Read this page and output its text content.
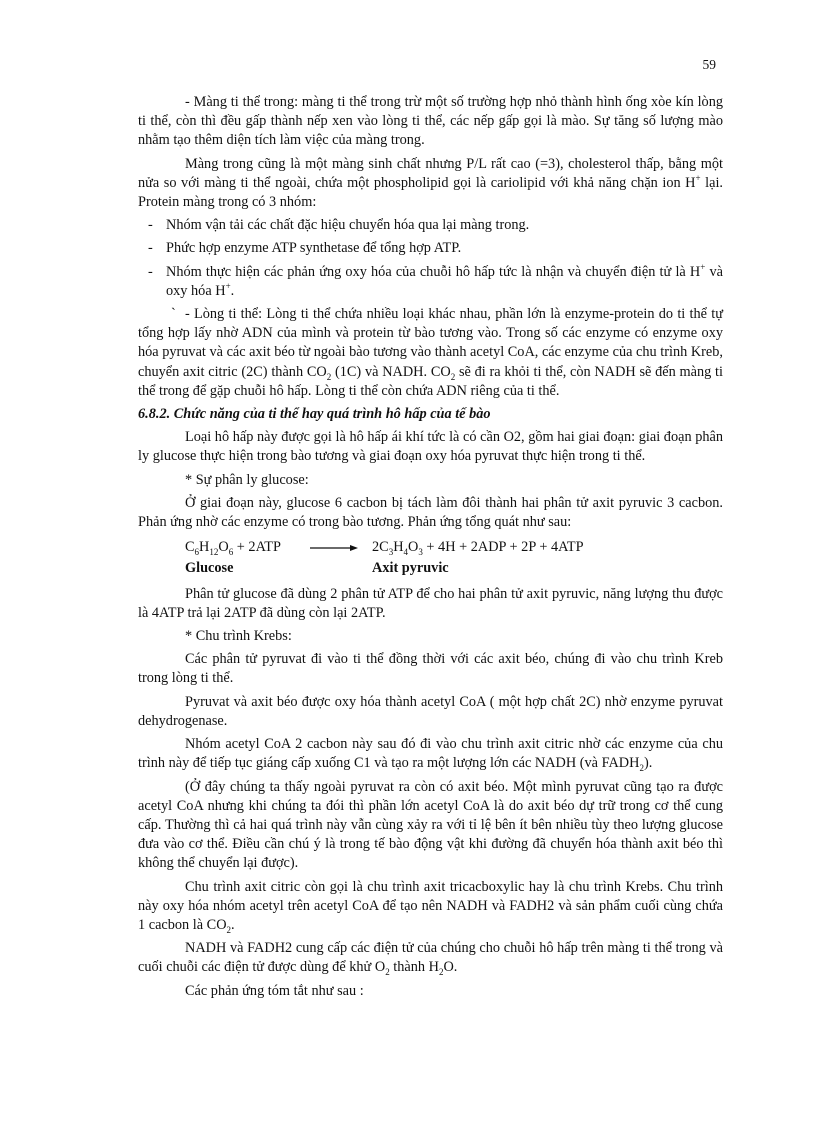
59
- Màng ti thể trong: màng ti thể trong trừ một số trường hợp nhỏ thành hình ống xòe kín lòng ti thể, còn thì đều gấp thành nếp xen vào lòng ti thể, các nếp gấp gọi là mào. Sự tăng số lượng mào nhằm tạo thêm diện tích làm việc của màng trong.
Màng trong cũng là một màng sinh chất nhưng P/L rất cao (=3), cholesterol thấp, bằng một nửa so với màng ti thể ngoài, chứa một phospholipid gọi là cariolipid với khả năng chặn ion H+ lại. Protein màng trong có 3 nhóm:
- Nhóm vận tải các chất đặc hiệu chuyển hóa qua lại màng trong.
- Phức hợp enzyme ATP synthetase để tổng hợp ATP.
- Nhóm thực hiện các phản ứng oxy hóa của chuỗi hô hấp tức là nhận và chuyển điện tử là H+ và oxy hóa H+.
` - Lòng ti thể: Lòng ti thể chứa nhiều loại khác nhau, phần lớn là enzyme-protein do ti thể tự tổng hợp lấy nhờ ADN của mình và protein từ bào tương vào. Trong số các enzyme có enzyme oxy hóa pyruvat và các axit béo từ ngoài bào tương vào thành acetyl CoA, các enzyme của chu trình Kreb, chuyển axit citric (2C) thành $CO_2$ (1C) và NADH. $CO_2$ sẽ đi ra khỏi ti thể, còn NADH sẽ đến màng ti thể trong để gặp chuỗi hô hấp. Lòng ti thể còn chứa ADN riêng của ti thể.
6.8.2. Chức năng của ti thể hay quá trình hô hấp của tế bào
Loại hô hấp này được gọi là hô hấp ái khí tức là có cần O2, gồm hai giai đoạn: giai đoạn phân ly glucose thực hiện trong bào tương và giai đoạn oxy hóa pyruvat thực hiện trong ti thể.
* Sự phân ly glucose:
Ở giai đoạn này, glucose 6 cacbon bị tách làm đôi thành hai phân tử axit pyruvic 3 cacbon. Phản ứng nhờ các enzyme có trong bào tương. Phản ứng tổng quát như sau:
$C_6H_{12}O_6 + 2ATP$	$2C_3H_4O_3 + 4H + 2ADP + 2P + 4ATP$
Glucose	Axit pyruvic
Phân tử glucose đã dùng 2 phân tử ATP để cho hai phân tử axit pyruvic, năng lượng thu được là 4ATP trả lại 2ATP đã dùng còn lại 2ATP.
* Chu trình Krebs:
Các phân tử pyruvat đi vào ti thể đồng thời với các axit béo, chúng đi vào chu trình Kreb trong lòng ti thể.
Pyruvat và axit béo được oxy hóa thành acetyl CoA ( một hợp chất 2C) nhờ enzyme pyruvat dehydrogenase.
Nhóm acetyl CoA 2 cacbon này sau đó đi vào chu trình axit citric nhờ các enzyme của chu trình này để tiếp tục giáng cấp xuống C1 và tạo ra một lượng lớn các NADH (và $FADH_2$).
(Ở đây chúng ta thấy ngoài pyruvat ra còn có axit béo. Một mình pyruvat cũng tạo ra được acetyl CoA nhưng khi chúng ta đói thì phần lớn acetyl CoA là do axit béo dự trữ trong cơ thể cung cấp. Thường thì cả hai quá trình này vẫn cùng xảy ra với tỉ lệ bên ít bên nhiều tùy theo lượng glucose đưa vào cơ thể. Điều cần chú ý là trong tế bào động vật khi đường đã chuyển hóa thành axit béo thì không thể chuyển lại được).
Chu trình axit citric còn gọi là chu trình axit tricacboxylic hay là chu trình Krebs. Chu trình này oxy hóa nhóm acetyl trên acetyl CoA để tạo nên NADH và FADH2 và sản phẩm cuối cùng chứa 1 cacbon là $CO_2$.
NADH và FADH2 cung cấp các điện tử của chúng cho chuỗi hô hấp trên màng ti thể trong và cuối chuỗi các điện tử được dùng để khử $O_2$ thành $H_2O$.
Các phản ứng tóm tắt như sau :
